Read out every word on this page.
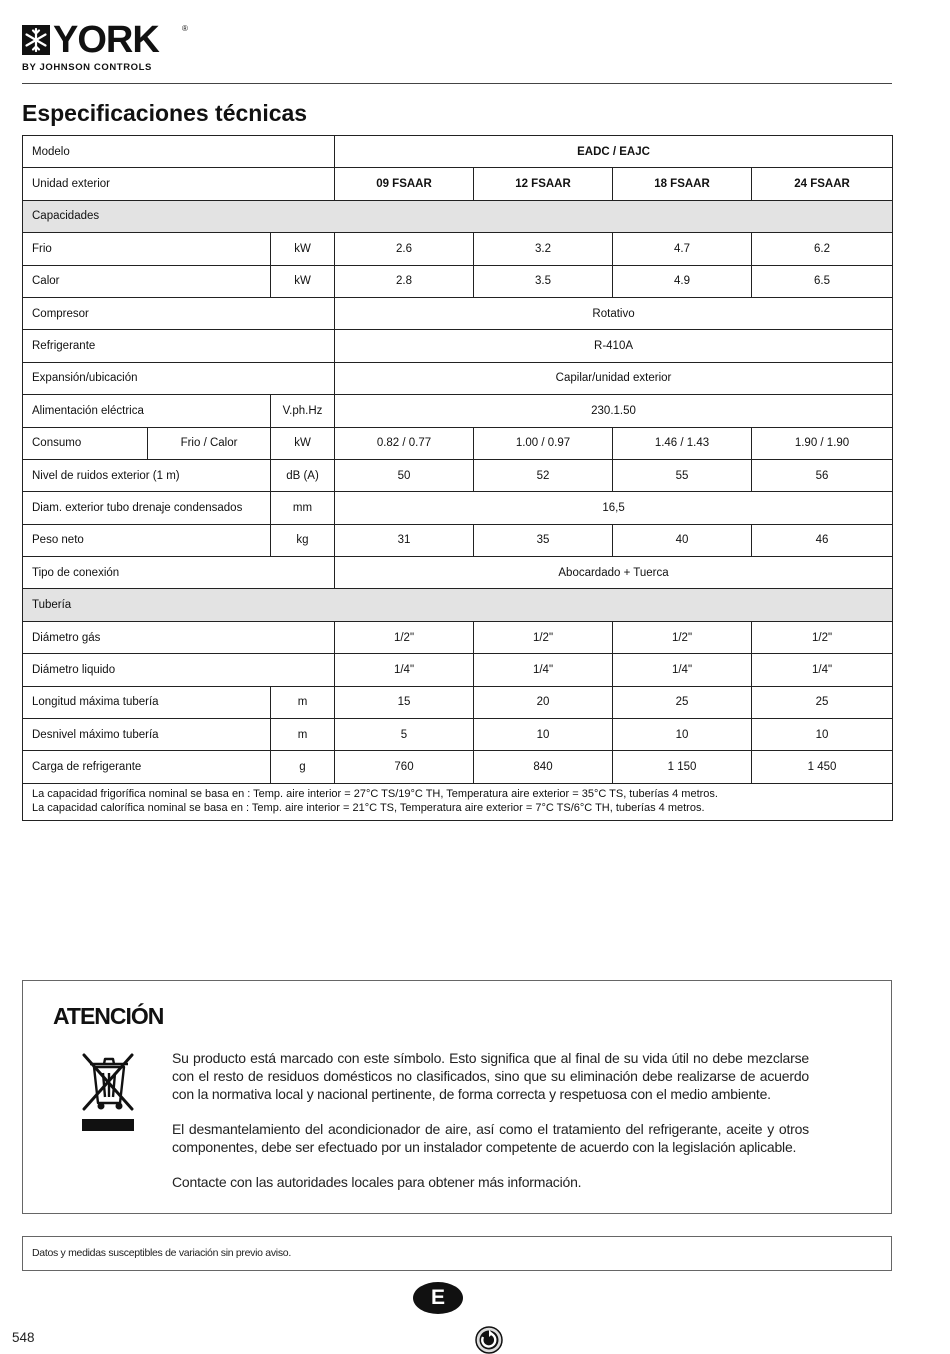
YORK	®
BY JOHNSON CONTROLS
Especificaciones técnicas
Modelo			EADC / EAJC			
Unidad exterior			09 FSAAR	12 FSAAR	18 FSAAR	24 FSAAR
Capacidades						
Frio		kW	2.6	3.2	4.7	6.2
Calor		kW	2.8	3.5	4.9	6.5
Compresor			Rotativo			
Refrigerante			R-410A			
Expansión/ubicación			Capilar/unidad exterior			
Alimentación eléctrica		V.ph.Hz	230.1.50			
Consumo	Frio / Calor	kW	0.82 / 0.77	1.00 / 0.97	1.46 / 1.43	1.90 / 1.90
Nivel de ruidos exterior (1 m)		dB (A)	50	52	55	56
Diam. exterior tubo drenaje condensados		mm	16,5			
Peso neto		kg	31	35	40	46
Tipo de conexión			Abocardado + Tuerca			
Tubería						
Diámetro gás			1/2"	1/2"	1/2"	1/2"
Diámetro liquido			1/4"	1/4"	1/4"	1/4"
Longitud máxima tubería		m	15	20	25	25
Desnivel máximo tubería		m	5	10	10	10
Carga de refrigerante		g	760	840	1 150	1 450

La capacidad frigorífica nominal se basa en : Temp. aire interior = 27°C TS/19°C TH, Temperatura aire exterior = 35°C TS, tuberías 4 metros.
La capacidad calorífica nominal se basa en : Temp. aire interior = 21°C TS, Temperatura aire exterior = 7°C TS/6°C TH, tuberías 4 metros.						
ATENCIÓN

Su producto está marcado con este símbolo. Esto significa que al final de su vida útil no debe mezclarse con el resto de residuos domésticos no clasificados, sino que su eliminación debe realizarse de acuerdo con la normativa local y nacional pertinente, de forma correcta y respetuosa con el medio ambiente.

El desmantelamiento del acondicionador de aire, así como el tratamiento del refrigerante, aceite y otros componentes, debe ser efectuado por un instalador competente de acuerdo con la legislación aplicable.

Contacte con las autoridades locales para obtener más información.

Datos y medidas susceptibles de variación sin previo aviso.
E
548
